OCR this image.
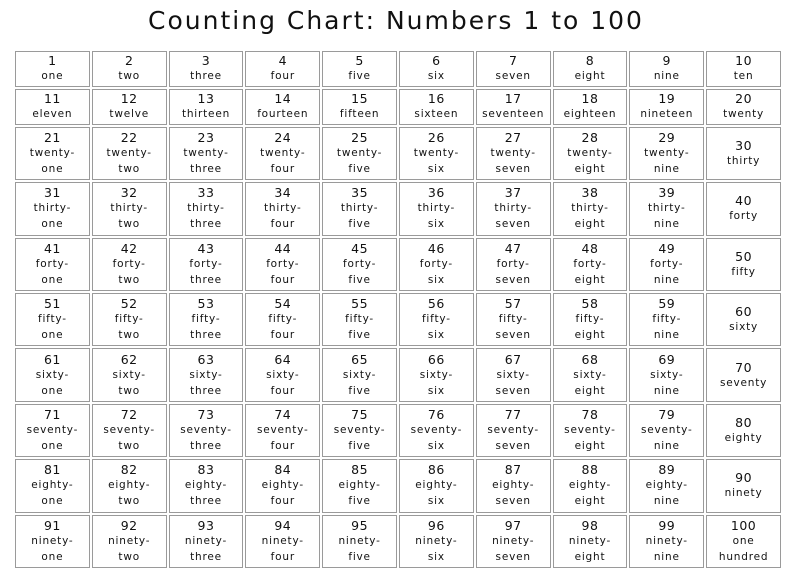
Counting Chart: Numbers 1 to 100
1
one	2
two	3
three	4
four	5
five	6
six	7
seven	8
eight	9
nine	10
ten

11
eleven	12
twelve	13
thirteen	14
fourteen	15
fifteen	16
sixteen	17
seventeen	18
eighteen	19
nineteen	20
twenty

21
twenty-
one	22
twenty-
two	23
twenty-
three	24
twenty-
four	25
twenty-
five	26
twenty-
six	27
twenty-
seven	28
twenty-
eight	29
twenty-
nine	30
thirty

31
thirty-
one	32
thirty-
two	33
thirty-
three	34
thirty-
four	35
thirty-
five	36
thirty-
six	37
thirty-
seven	38
thirty-
eight	39
thirty-
nine	40
forty

41
forty-
one	42
forty-
two	43
forty-
three	44
forty-
four	45
forty-
five	46
forty-
six	47
forty-
seven	48
forty-
eight	49
forty-
nine	50
fifty

51
fifty-
one	52
fifty-
two	53
fifty-
three	54
fifty-
four	55
fifty-
five	56
fifty-
six	57
fifty-
seven	58
fifty-
eight	59
fifty-
nine	60
sixty

61
sixty-
one	62
sixty-
two	63
sixty-
three	64
sixty-
four	65
sixty-
five	66
sixty-
six	67
sixty-
seven	68
sixty-
eight	69
sixty-
nine	70
seventy

71
seventy-
one	72
seventy-
two	73
seventy-
three	74
seventy-
four	75
seventy-
five	76
seventy-
six	77
seventy-
seven	78
seventy-
eight	79
seventy-
nine	80
eighty

81
eighty-
one	82
eighty-
two	83
eighty-
three	84
eighty-
four	85
eighty-
five	86
eighty-
six	87
eighty-
seven	88
eighty-
eight	89
eighty-
nine	90
ninety

91
ninety-
one	92
ninety-
two	93
ninety-
three	94
ninety-
four	95
ninety-
five	96
ninety-
six	97
ninety-
seven	98
ninety-
eight	99
ninety-
nine	100
one
hundred
